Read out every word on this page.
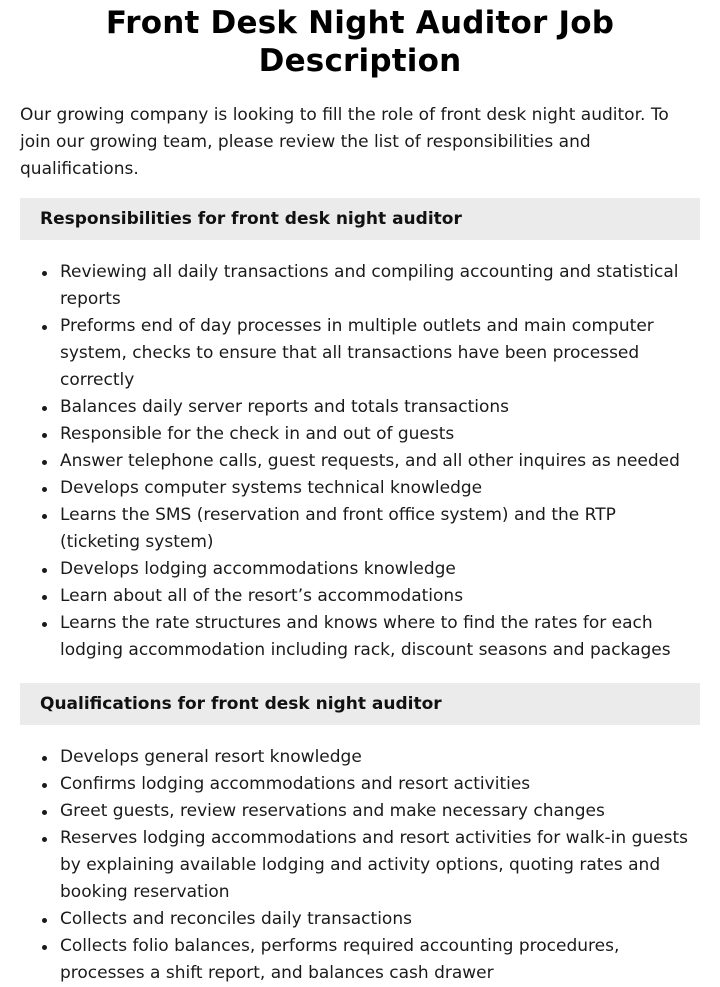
Front Desk Night Auditor Job Description

Our growing company is looking to fill the role of front desk night auditor. To join our growing team, please review the list of responsibilities and qualifications.

Responsibilities for front desk night auditor
Reviewing all daily transactions and compiling accounting and statistical reports
Preforms end of day processes in multiple outlets and main computer system, checks to ensure that all transactions have been processed correctly
Balances daily server reports and totals transactions
Responsible for the check in and out of guests
Answer telephone calls, guest requests, and all other inquires as needed
Develops computer systems technical knowledge
Learns the SMS (reservation and front office system) and the RTP (ticketing system)
Develops lodging accommodations knowledge
Learn about all of the resort’s accommodations
Learns the rate structures and knows where to find the rates for each lodging accommodation including rack, discount seasons and packages
Qualifications for front desk night auditor
Develops general resort knowledge
Confirms lodging accommodations and resort activities
Greet guests, review reservations and make necessary changes
Reserves lodging accommodations and resort activities for walk-in guests by explaining available lodging and activity options, quoting rates and booking reservation
Collects and reconciles daily transactions
Collects folio balances, performs required accounting procedures, processes a shift report, and balances cash drawer
